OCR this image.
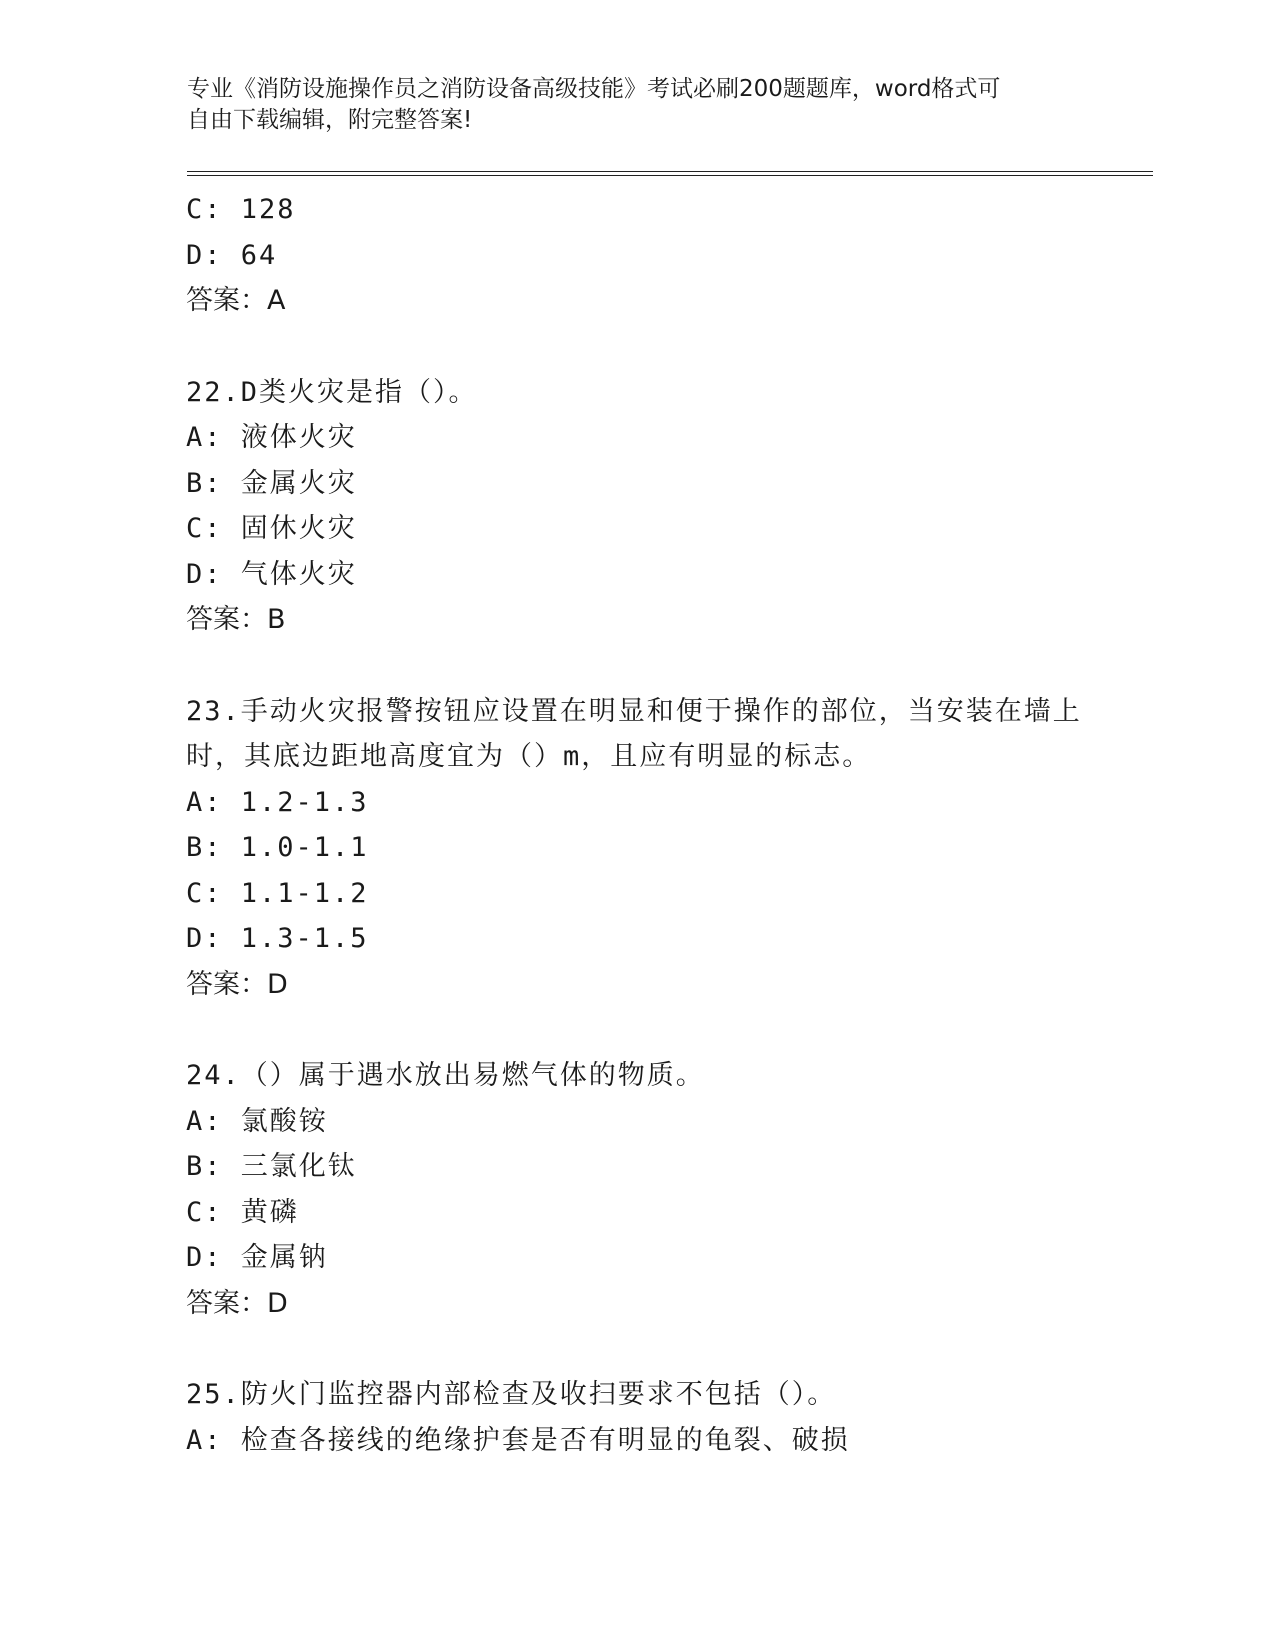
专业《消防设施操作员之消防设备高级技能》考试必刷200题题库，word格式可
自由下载编辑，附完整答案!
C: 128
D: 64
答案：A
22.D类火灾是指（）。
A: 液体火灾
B: 金属火灾
C: 固休火灾
D: 气体火灾
答案：B
23.手动火灾报警按钮应设置在明显和便于操作的部位，当安装在墙上
时，其底边距地高度宜为（）m，且应有明显的标志。
A: 1.2-1.3
B: 1.0-1.1
C: 1.1-1.2
D: 1.3-1.5
答案：D
24.（）属于遇水放出易燃气体的物质。
A: 氯酸铵
B: 三氯化钛
C: 黄磷
D: 金属钠
答案：D
25.防火门监控器内部检查及收扫要求不包括（）。
A: 检查各接线的绝缘护套是否有明显的龟裂、破损
